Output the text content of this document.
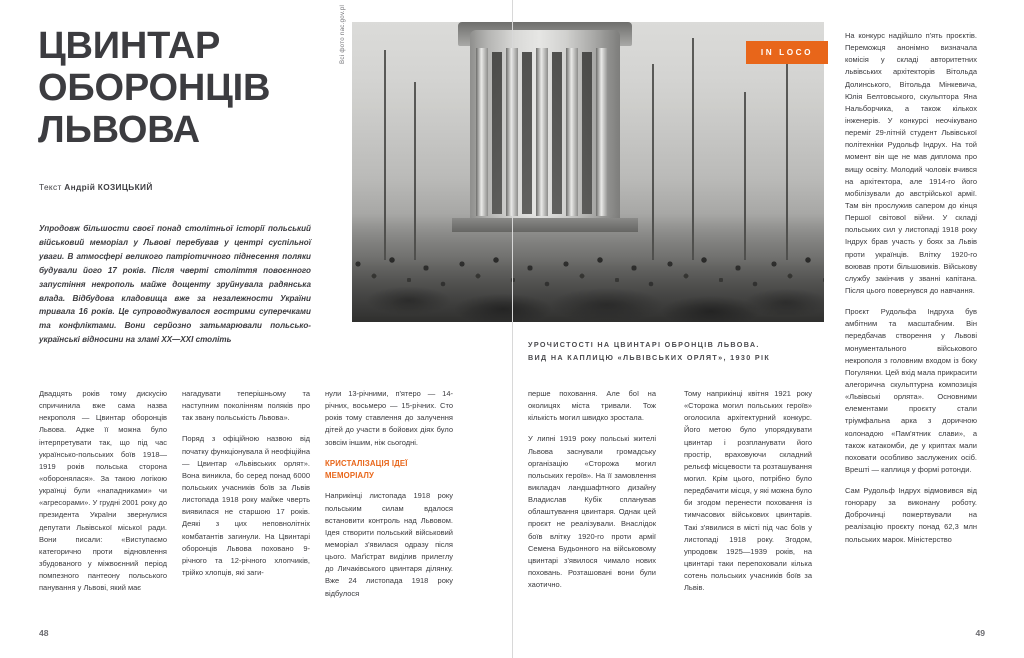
ЦВИНТАР
ОБОРОНЦІВ
ЛЬВОВА
Текст Андрій КОЗИЦЬКИЙ
Упродовж більшости своєї понад столітньої історії польський військовий меморіал у Львові перебував у центрі суспільної уваги. В атмосфері великого патріотичного піднесення поляки будували його 17 років. Після чверті століття повоєнного запустіння некрополь майже дощенту зруйнувала радянська влада. Відбудова кладовища вже за незалежности України тривала 16 років. Це супроводжувалося гострими суперечками та конфліктами. Вони серйозно затьмарювали польсько-українські відносини на зламі XX—XXI століть

Двадцять років тому дискусію спричинила вже сама назва некрополя — Цвинтар оборонців Львова. Адже її можна було інтерпретувати так, що під час українсько-польських боїв 1918—1919 років польська сторона «оборонялася». За такою логікою українці були «нападниками» чи «агресорами». У грудні 2001 року до президента України звернулися депутати Львівської міської ради. Вони писали: «Виступаємо категорично проти відновлення збудованого у міжвоєнний період помпезного пантеону польського панування у Львові, який має

нагадувати теперішньому та наступним поколінням поляків про так звану польськість Львова».

Поряд з офіційною назвою від початку функціонувала й неофіційна — Цвинтар «Львівських орлят». Вона виникла, бо серед понад 6000 польських учасників боїв за Львів листопада 1918 року майже чверть виявилася не старшою 17 років. Деякі з цих неповнолітніх комбатантів загинули. На Цвинтарі оборонців Львова поховано 9-річного та 12-річного хлопчиків, трійко хлопців, які заги-

нули 13-річними, п'ятеро — 14-річних, восьмеро — 15-річних. Сто років тому ставлення до залучення дітей до участи в бойових діях було зовсім іншим, ніж сьогодні.

КРИСТАЛІЗАЦІЯ ІДЕЇ МЕМОРІАЛУ

Наприкінці листопада 1918 року польським силам вдалося встановити контроль над Львовом. Ідея створити польський військовий меморіал з'явилася одразу після цього. Маґістрат виділив прилеглу до Личаківського цвинтаря ділянку. Вже 24 листопада 1918 року відбулося

48
Всі фото nac.gov.pl	IN LOCO
УРОЧИСТОСТІ НА ЦВИНТАРІ ОБРОНЦІВ ЛЬВОВА. ВИД НА КАПЛИЦЮ «ЛЬВІВСЬКИХ ОРЛЯТ», 1930 РІК

перше поховання. Але бої на околицях міста тривали. Тож кількість могил швидко зростала.

У липні 1919 року польські жителі Львова заснували громадську організацію «Сторожа могил польських героїв». На її замовлення викладач ландшафтного дизайну Владислав Кубік спланував облаштування цвинтаря. Однак цей проєкт не реалізували. Внаслідок боїв влітку 1920-го проти армії Семена Будьонного на військовому цвинтарі з'явилося чимало нових поховань. Розташовані вони були хаотично.

Тому наприкінці квітня 1921 року «Сторожа могил польських героїв» оголосила архітектурний конкурс. Його метою було упорядкувати цвинтар і розпланувати його простір, враховуючи складний рельєф місцевости та розташування могил. Крім цього, потрібно було передбачити місця, у які можна було би згодом перенести поховання із тимчасових військових цвинтарів. Такі з'явилися в місті під час боїв у листопаді 1918 року. Згодом, упродовж 1925—1939 років, на цвинтарі таки перепоховали кілька сотень польських учасників боїв за Львів.

На конкурс надійшло п'ять проєктів. Переможця анонімно визначала комісія у складі авторитетних львівських архітекторів Вітольда Долинського, Вітольда Мінкевича, Юлія Белтовського, скульптора Яна Нальборчика, а також кількох інженерів. У конкурсі неочікувано переміг 29-літній студент Львівської політехніки Рудольф Індрух. На той момент він ще не мав диплома про вищу освіту. Молодий чоловік вчився на архітектора, але 1914-го його мобілізували до австрійської армії. Там він прослужив сапером до кінця Першої світової війни. У складі польських сил у листопаді 1918 року Індрух брав участь у боях за Львів проти українців. Влітку 1920-го воював проти більшовиків. Військову службу закінчив у званні капітана. Після цього повернувся до навчання.

Проєкт Рудольфа Індруха був амбітним та масштабним. Він передбачав створення у Львові монументального військового некрополя з головним входом із боку Погулянки. Цей вхід мала прикрасити алегорична скульптурна композиція «Львівські орлята». Основними елементами проєкту стали тріумфальна арка з доричною колонадою «Пам'ятник слави», а також катакомби, де у криптах мали поховати особливо заслужених осіб. Врешті — каплиця у формі ротонди.

Сам Рудольф Індрух відмовився від гонорару за виконану роботу. Доброчинці пожертвували на реалізацію проєкту понад 62,3 млн польських марок. Міністерство

49
